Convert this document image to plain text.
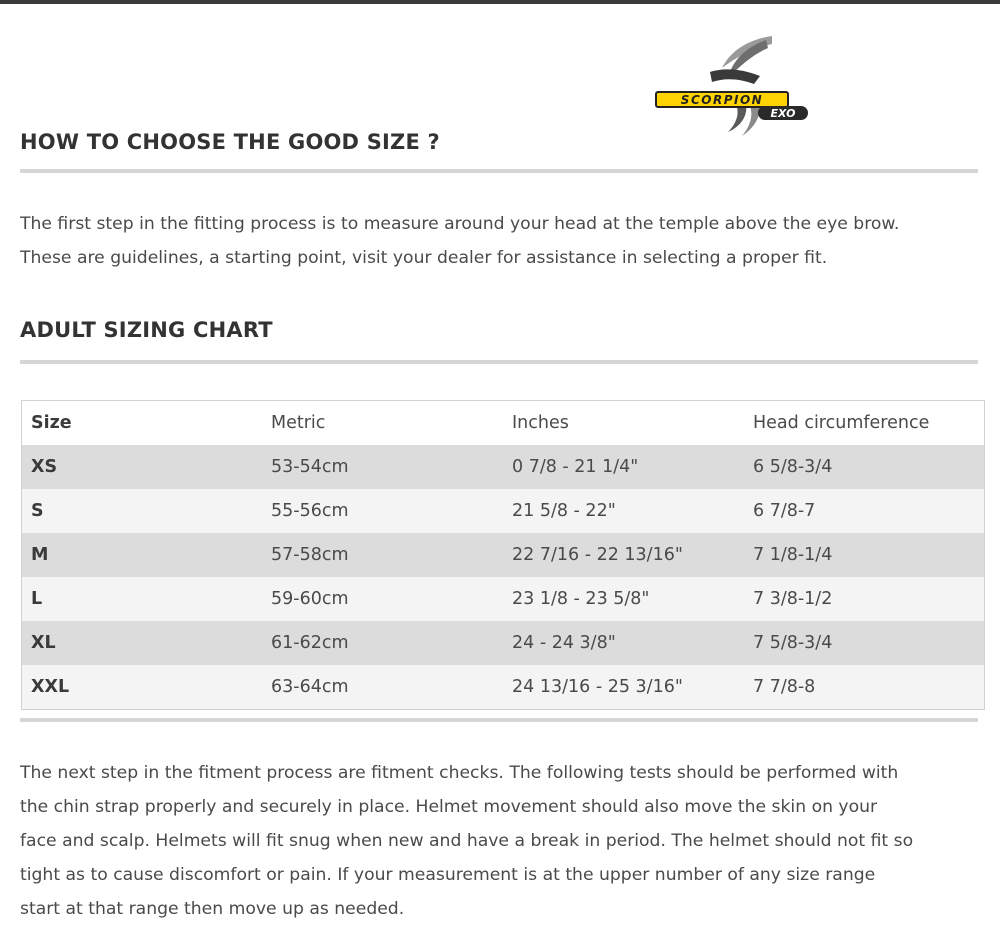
SCORPION
EXO
HOW TO CHOOSE THE GOOD SIZE ?

The first step in the fitting process is to measure around your head at the temple above the eye brow.
These are guidelines, a starting point, visit your dealer for assistance in selecting a proper fit.

ADULT SIZING CHART
Size	Metric	Inches	Head circumference
XS	53-54cm	0 7/8 - 21 1/4"	6 5/8-3/4
S	55-56cm	21 5/8 - 22"	6 7/8-7
M	57-58cm	22 7/16 - 22 13/16"	7 1/8-1/4
L	59-60cm	23 1/8 - 23 5/8"	7 3/8-1/2
XL	61-62cm	24 - 24 3/8"	7 5/8-3/4
XXL	63-64cm	24 13/16 - 25 3/16"	7 7/8-8

The next step in the fitment process are fitment checks. The following tests should be performed with
the chin strap properly and securely in place. Helmet movement should also move the skin on your
face and scalp. Helmets will fit snug when new and have a break in period. The helmet should not fit so
tight as to cause discomfort or pain. If your measurement is at the upper number of any size range
start at that range then move up as needed.
